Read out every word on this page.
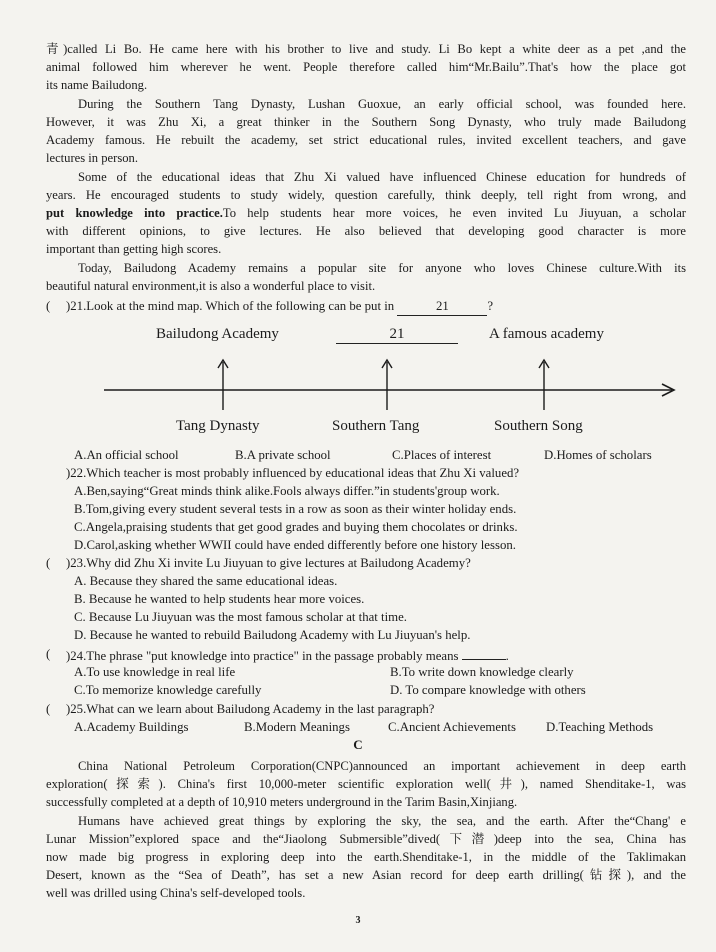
青)called Li Bo. He came here with his brother to live and study. Li Bo kept a white deer as a pet ,and the
animal followed him wherever he went. People therefore called him“Mr.Bailu”.That's how the place got
its name Bailudong.
During the Southern Tang Dynasty, Lushan Guoxue, an early official school, was founded here.
However, it was Zhu Xi, a great thinker in the Southern Song Dynasty, who truly made Bailudong
Academy famous. He rebuilt the academy, set strict educational rules, invited excellent teachers, and gave
lectures in person.
Some of the educational ideas that Zhu Xi valued have influenced Chinese education for hundreds of
years. He encouraged students to study widely, question carefully, think deeply, tell right from wrong, and
put knowledge into practice.To help students hear more voices, he even invited Lu Jiuyuan, a scholar
with different opinions, to give lectures. He also believed that developing good character is more
important than getting high scores.
Today, Bailudong Academy remains a popular site for anyone who loves Chinese culture.With its
beautiful natural environment,it is also a wonderful place to visit.
( )21.Look at the mind map. Which of the following can be put in	21	?
Bailudong Academy	21	A famous academy
Tang Dynasty	Southern Tang	Southern Song
A.An official school	B.A private school	C.Places of interest	D.Homes of scholars
)22.Which teacher is most probably influenced by educational ideas that Zhu Xi valued?
A.Ben,saying“Great minds think alike.Fools always differ.”in students'group work.
B.Tom,giving every student several tests in a row as soon as their winter holiday ends.
C.Angela,praising students that get good grades and buying them chocolates or drinks.
D.Carol,asking whether WWII could have ended differently before one history lesson.
( )23.Why did Zhu Xi invite Lu Jiuyuan to give lectures at Bailudong Academy?
A. Because they shared the same educational ideas.
B. Because he wanted to help students hear more voices.
C. Because Lu Jiuyuan was the most famous scholar at that time.
D. Because he wanted to rebuild Bailudong Academy with Lu Jiuyuan's help.
( )24.The phrase "put knowledge into practice" in the passage probably means	.
A.To use knowledge in real life	B.To write down knowledge clearly
C.To memorize knowledge carefully	D. To compare knowledge with others
( )25.What can we learn about Bailudong Academy in the last paragraph?
A.Academy Buildings	B.Modern Meanings	C.Ancient Achievements D.Teaching Methods
C
China National Petroleum Corporation(CNPC)announced an important achievement in deep earth
exploration(探索). China's first 10,000-meter scientific exploration well(井), named Shenditake-1, was
successfully completed at a depth of 10,910 meters underground in the Tarim Basin,Xinjiang.
Humans have achieved great things by exploring the sky, the sea, and the earth. After the“Chang' e
Lunar Mission”explored space and the“Jiaolong Submersible”dived(下潜)deep into the sea, China has
now made big progress in exploring deep into the earth.Shenditake-1, in the middle of the Taklimakan
Desert, known as the “Sea of Death”, has set a new Asian record for deep earth drilling(钻探), and the
well was drilled using China's self-developed tools.
3
